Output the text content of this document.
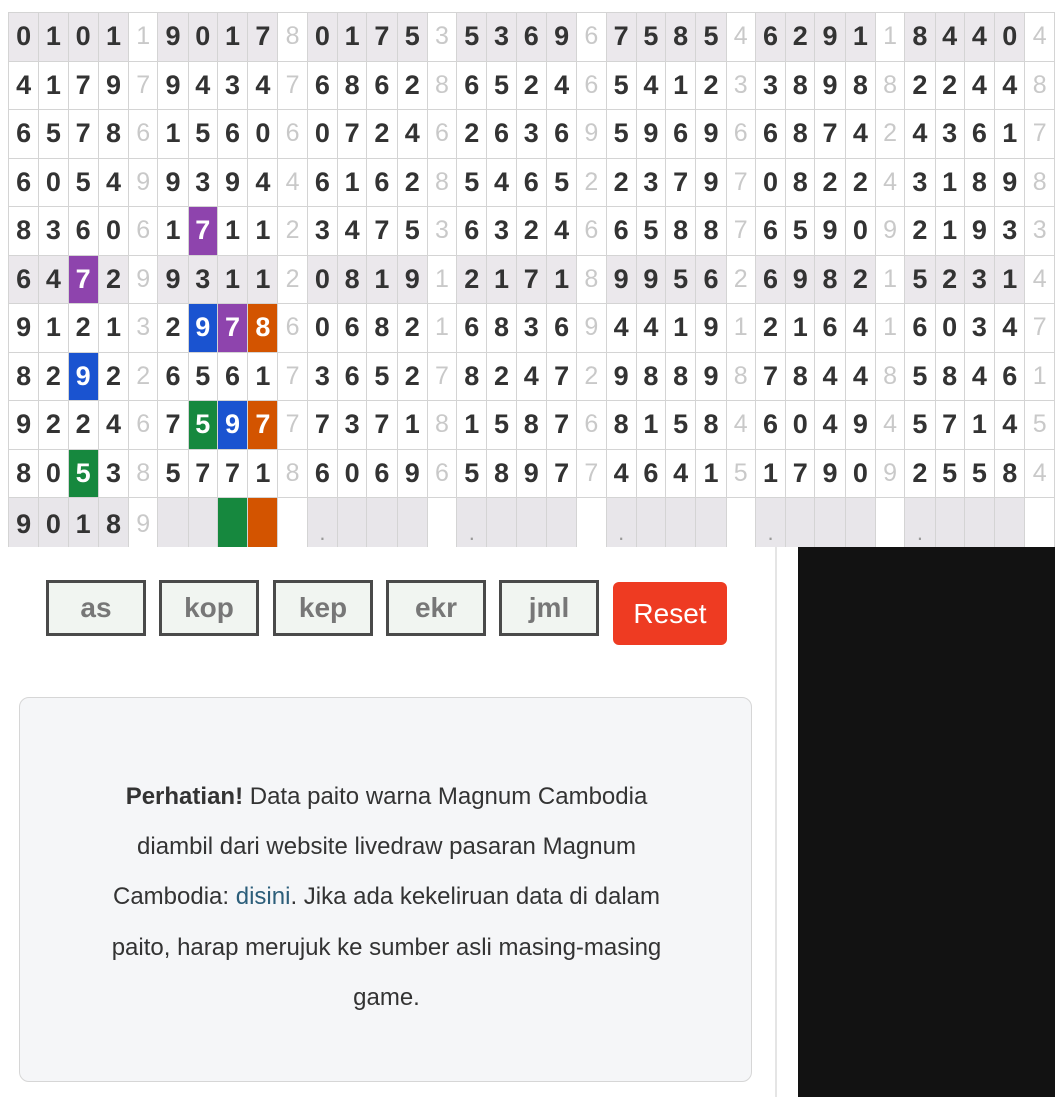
0	1	0	1	1	9	0	1	7	8	0	1	7	5	3	5	3	6	9	6	7	5	8	5	4	6	2	9	1	1	8	4	4	0	4
4	1	7	9	7	9	4	3	4	7	6	8	6	2	8	6	5	2	4	6	5	4	1	2	3	3	8	9	8	8	2	2	4	4	8
6	5	7	8	6	1	5	6	0	6	0	7	2	4	6	2	6	3	6	9	5	9	6	9	6	6	8	7	4	2	4	3	6	1	7
6	0	5	4	9	9	3	9	4	4	6	1	6	2	8	5	4	6	5	2	2	3	7	9	7	0	8	2	2	4	3	1	8	9	8
8	3	6	0	6	1	7	1	1	2	3	4	7	5	3	6	3	2	4	6	6	5	8	8	7	6	5	9	0	9	2	1	9	3	3
6	4	7	2	9	9	3	1	1	2	0	8	1	9	1	2	1	7	1	8	9	9	5	6	2	6	9	8	2	1	5	2	3	1	4
9	1	2	1	3	2	9	7	8	6	0	6	8	2	1	6	8	3	6	9	4	4	1	9	1	2	1	6	4	1	6	0	3	4	7
8	2	9	2	2	6	5	6	1	7	3	6	5	2	7	8	2	4	7	2	9	8	8	9	8	7	8	4	4	8	5	8	4	6	1
9	2	2	4	6	7	5	9	7	7	7	3	7	1	8	1	5	8	7	6	8	1	5	8	4	6	0	4	9	4	5	7	1	4	5
8	0	5	3	8	5	7	7	1	8	6	0	6	9	6	5	8	9	7	7	4	6	4	1	5	1	7	9	0	9	2	5	5	8	4
9	0	1	8	9						.					.					.					.					.				
as	kop	kep	ekr	jml	Reset

Perhatian! Data paito warna Magnum Cambodia diambil dari website livedraw pasaran Magnum Cambodia: disini. Jika ada kekeliruan data di dalam paito, harap merujuk ke sumber asli masing-masing game.
